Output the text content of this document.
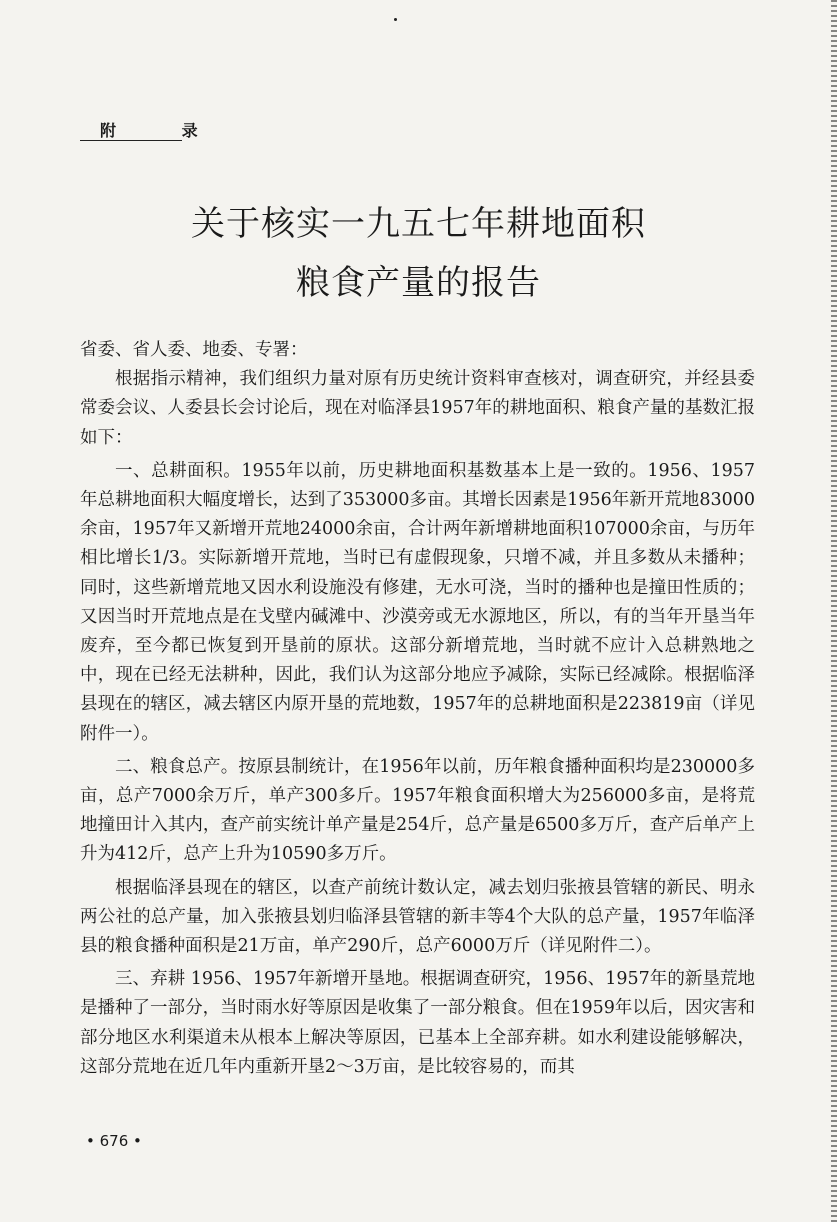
附 录
关于核实一九五七年耕地面积
粮食产量的报告

省委、省人委、地委、专署：

根据指示精神，我们组织力量对原有历史统计资料审查核对，调查研究，并经县委常委会议、人委县长会讨论后，现在对临泽县1957年的耕地面积、粮食产量的基数汇报如下：

一、总耕面积。1955年以前，历史耕地面积基数基本上是一致的。1956、1957年总耕地面积大幅度增长，达到了353000多亩。其增长因素是1956年新开荒地83000余亩，1957年又新增开荒地24000余亩，合计两年新增耕地面积107000余亩，与历年相比增长1/3。实际新增开荒地，当时已有虚假现象，只增不减，并且多数从未播种；同时，这些新增荒地又因水利设施没有修建，无水可浇，当时的播种也是撞田性质的；又因当时开荒地点是在戈壁内碱滩中、沙漠旁或无水源地区，所以，有的当年开垦当年废弃，至今都已恢复到开垦前的原状。这部分新增荒地，当时就不应计入总耕熟地之中，现在已经无法耕种，因此，我们认为这部分地应予减除，实际已经减除。根据临泽县现在的辖区，减去辖区内原开垦的荒地数，1957年的总耕地面积是223819亩（详见附件一）。

二、粮食总产。按原县制统计，在1956年以前，历年粮食播种面积均是230000多亩，总产7000余万斤，单产300多斤。1957年粮食面积增大为256000多亩，是将荒地撞田计入其内，查产前实统计单产量是254斤，总产量是6500多万斤，查产后单产上升为412斤，总产上升为10590多万斤。

根据临泽县现在的辖区，以查产前统计数认定，减去划归张掖县管辖的新民、明永两公社的总产量，加入张掖县划归临泽县管辖的新丰等4个大队的总产量，1957年临泽县的粮食播种面积是21万亩，单产290斤，总产6000万斤（详见附件二）。

三、弃耕 1956、1957年新增开垦地。根据调查研究，1956、1957年的新垦荒地是播种了一部分，当时雨水好等原因是收集了一部分粮食。但在1959年以后，因灾害和部分地区水利渠道未从根本上解决等原因，已基本上全部弃耕。如水利建设能够解决，这部分荒地在近几年内重新开垦2～3万亩，是比较容易的，而其

• 676 •
